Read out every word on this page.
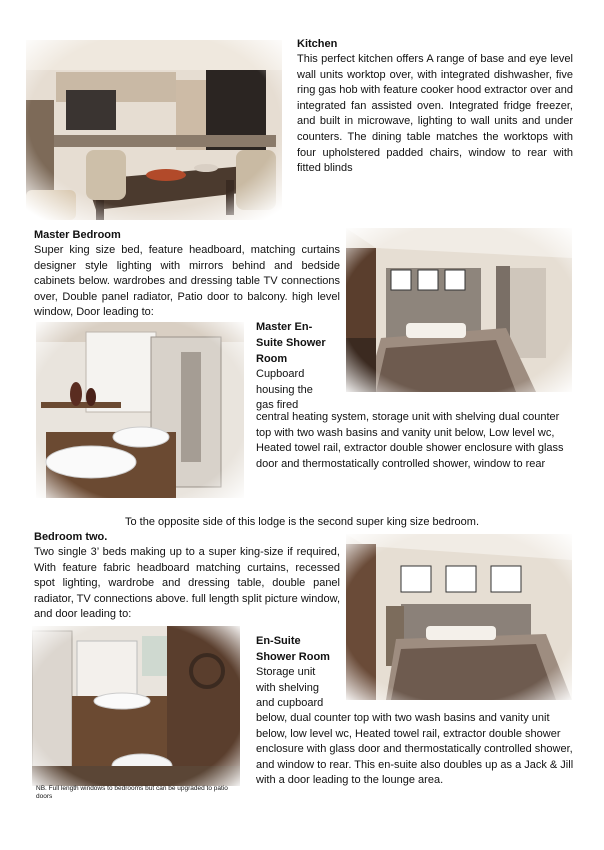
Kitchen
This perfect kitchen offers A range of base and eye level wall units worktop over, with integrated dishwasher, five ring gas hob with feature cooker hood extractor over and integrated fan assisted oven. Integrated fridge freezer, and built in microwave, lighting to wall units and under counters. The dining table matches the worktops with four upholstered padded chairs, window to rear with fitted blinds
Master Bedroom
Super king size bed, feature headboard, matching curtains designer style lighting with mirrors behind and bedside cabinets below. wardrobes and dressing table TV connections over, Double panel radiator, Patio door to balcony. high level window, Door leading to:
Master En-
Suite Shower
Room
Cupboard
housing the
gas fired
central heating system, storage unit with shelving dual counter top with two wash basins and vanity unit below, Low level wc, Heated towel rail, extractor double shower enclosure with glass door and thermostatically controlled shower, window to rear
To the opposite side of this lodge is the second super king size bedroom.
Bedroom two.
Two single 3’ beds making up to a super king-size if required, With feature fabric headboard matching curtains, recessed spot lighting, wardrobe and dressing table, double panel radiator, TV connections above. full length split picture window, and door leading to:
En-Suite
Shower Room
Storage unit
with shelving
and cupboard
below, dual counter top with two wash basins and vanity unit below, low level wc, Heated towel rail, extractor double shower enclosure with glass door and thermostatically controlled shower, and window to rear. This en-suite also doubles up as a Jack & Jill with a door leading to the lounge area.
NB. Full length windows to bedrooms but can be upgraded to patio doors
